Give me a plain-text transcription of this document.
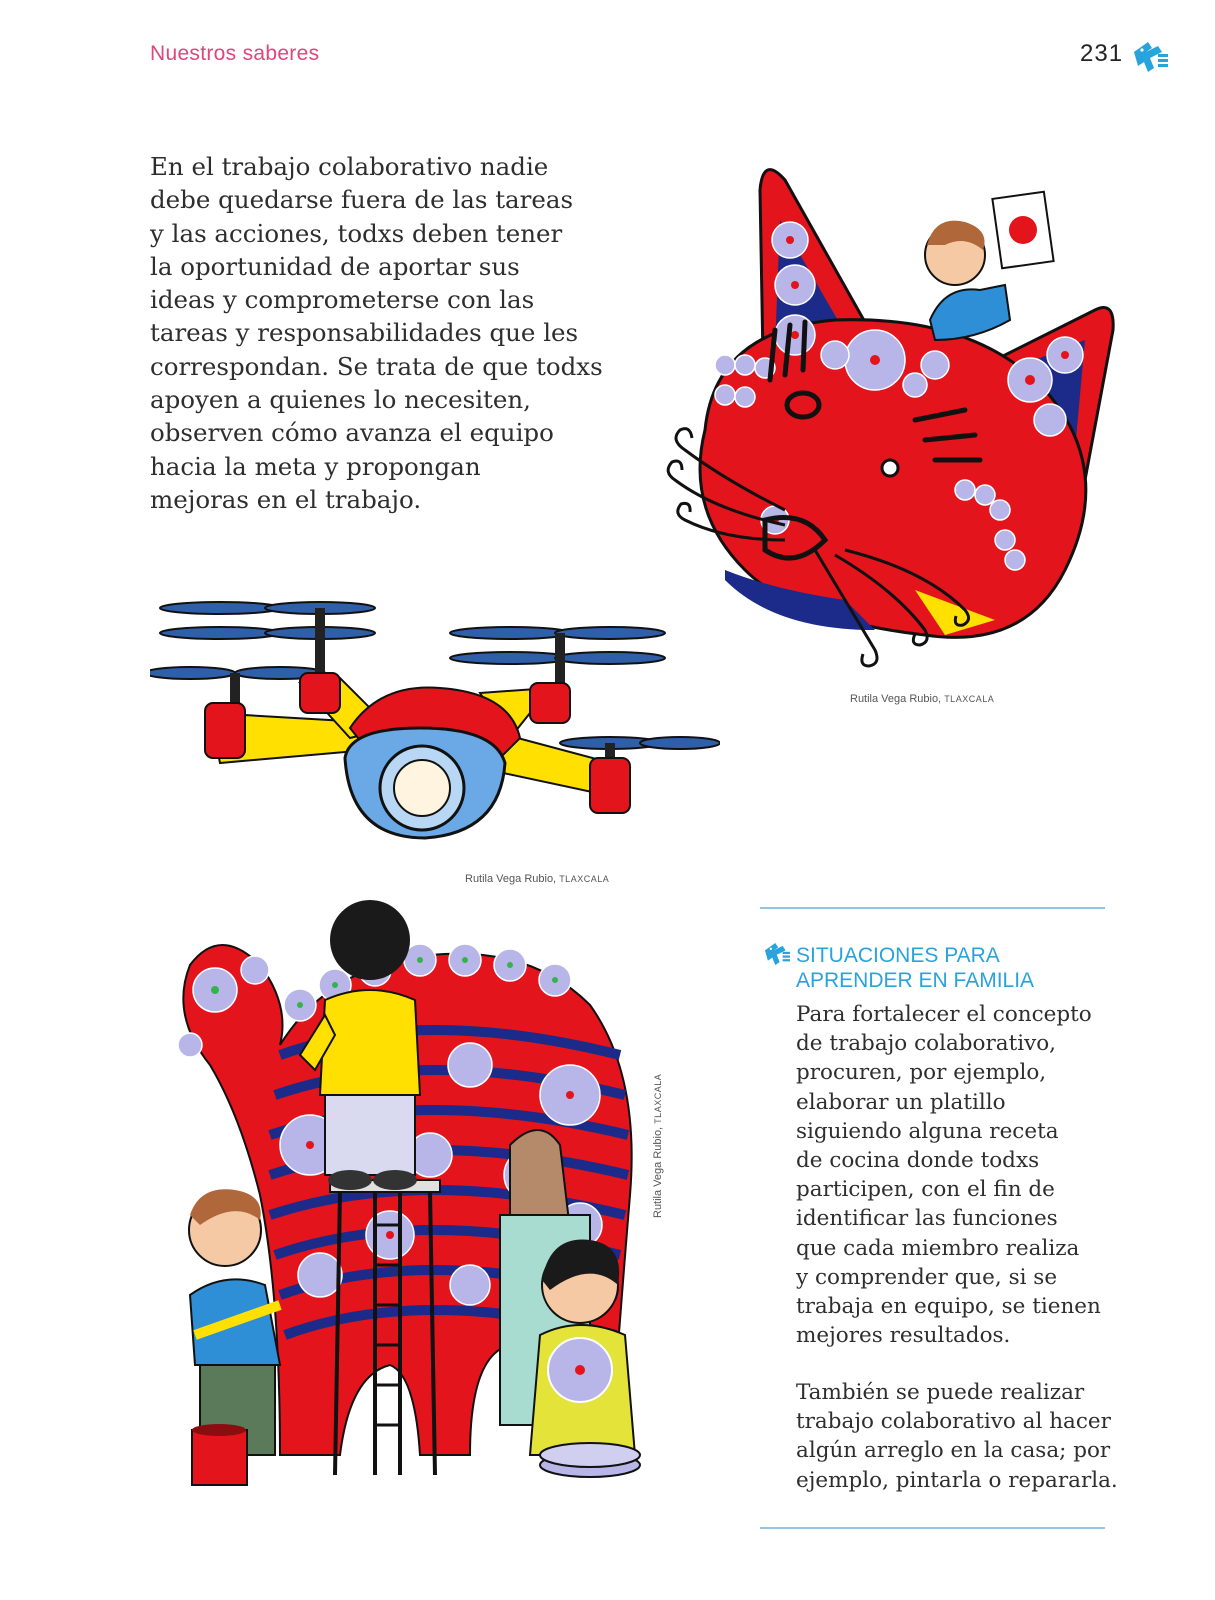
Nuestros saberes	231

En el trabajo colaborativo nadie
debe quedarse fuera de las tareas
y las acciones, todxs deben tener
la oportunidad de aportar sus
ideas y comprometerse con las
tareas y responsabilidades que les
correspondan. Se trata de que todxs
apoyen a quienes lo necesiten,
observen cómo avanza el equipo
hacia la meta y propongan
mejoras en el trabajo.

Rutila Vega Rubio, TLAXCALA
Rutila Vega Rubio, TLAXCALA
Rutila Vega Rubio, TLAXCALA
SITUACIONES PARA
APRENDER EN FAMILIA

Para fortalecer el concepto
de trabajo colaborativo,
procuren, por ejemplo,
elaborar un platillo
siguiendo alguna receta
de cocina donde todxs
participen, con el fin de
identificar las funciones
que cada miembro realiza
y comprender que, si se
trabaja en equipo, se tienen
mejores resultados.

También se puede realizar
trabajo colaborativo al hacer
algún arreglo en la casa; por
ejemplo, pintarla o repararla.
